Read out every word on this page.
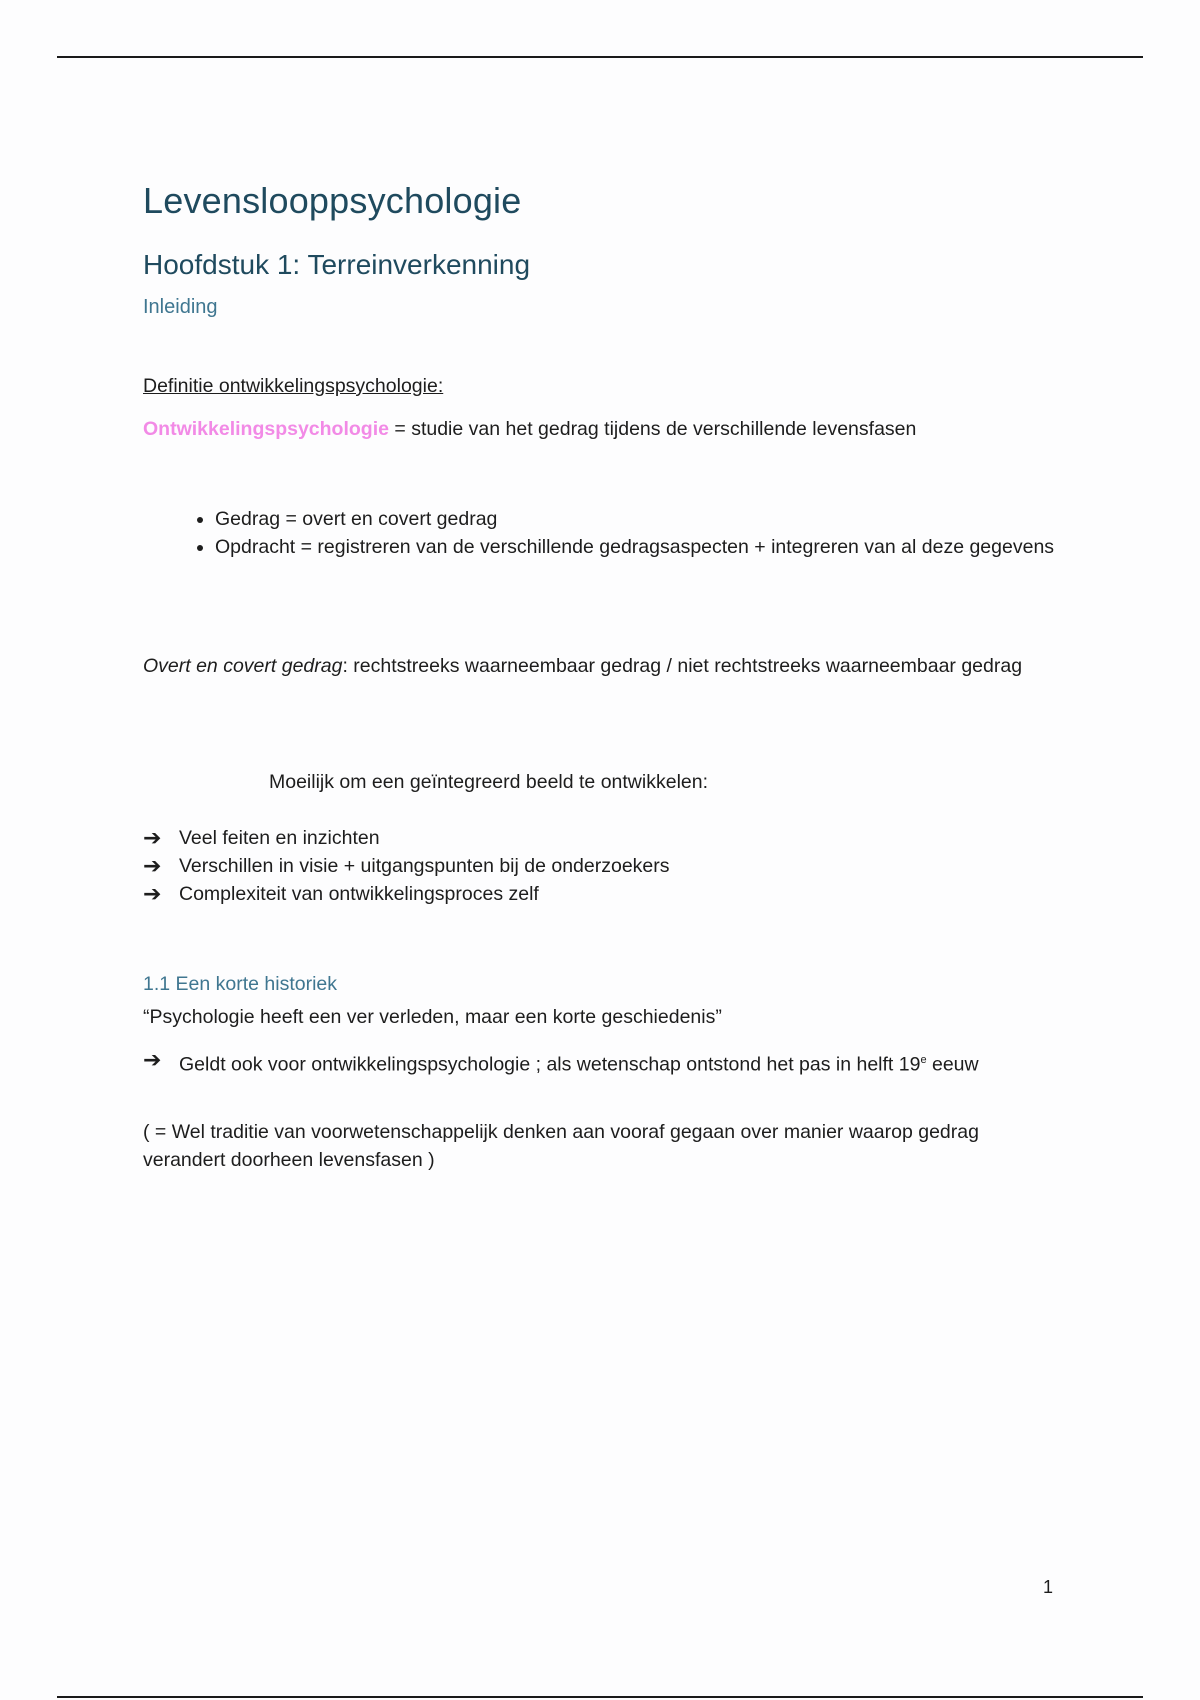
Levenslooppsychologie
Hoofdstuk 1: Terreinverkenning
Inleiding
Definitie ontwikkelingspsychologie:
Ontwikkelingspsychologie = studie van het gedrag tijdens de verschillende levensfasen
• Gedrag = overt en covert gedrag
• Opdracht = registreren van de verschillende gedragsaspecten + integreren van al deze gegevens
Overt en covert gedrag: rechtstreeks waarneembaar gedrag / niet rechtstreeks waarneembaar gedrag
Moeilijk om een geïntegreerd beeld te ontwikkelen:
➔ Veel feiten en inzichten
➔ Verschillen in visie + uitgangspunten bij de onderzoekers
➔ Complexiteit van ontwikkelingsproces zelf
1.1 Een korte historiek
“Psychologie heeft een ver verleden, maar een korte geschiedenis”
➔ Geldt ook voor ontwikkelingspsychologie ; als wetenschap ontstond het pas in helft 19e eeuw
( = Wel traditie van voorwetenschappelijk denken aan vooraf gegaan over manier waarop gedrag verandert doorheen levensfasen )
1
